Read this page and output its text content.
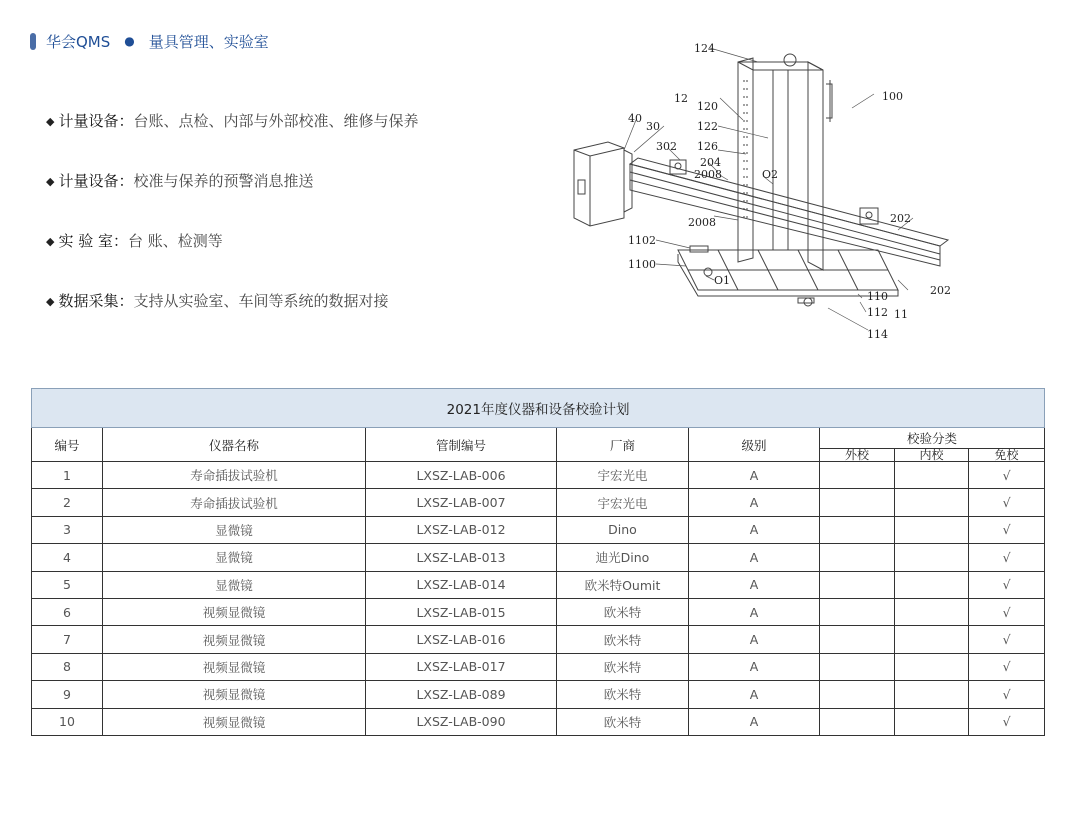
华会QMS ● 量具管理、实验室
◆ 计量设备：台账、点检、内部与外部校准、维修与保养
◆ 计量设备：校准与保养的预警消息推送
◆ 实 验 室：台 账、检测等
◆ 数据采集：支持从实验室、车间等系统的数据对接
124
12
120
122
126
100
40
30
302
204
2008	O2
2008	202
1102
1100
O1
110
112 11
114
202
2021年度仪器和设备校验计划							
编号	仪器名称	管制编号	厂商	级别	校验分类		
					外校	内校	免校
1	寿命插拔试验机	LXSZ-LAB-006	宇宏光电	A			√
2	寿命插拔试验机	LXSZ-LAB-007	宇宏光电	A			√
3	显微镜	LXSZ-LAB-012	Dino	A			√
4	显微镜	LXSZ-LAB-013	迪光Dino	A			√
5	显微镜	LXSZ-LAB-014	欧米特Oumit	A			√
6	视频显微镜	LXSZ-LAB-015	欧米特	A			√
7	视频显微镜	LXSZ-LAB-016	欧米特	A			√
8	视频显微镜	LXSZ-LAB-017	欧米特	A			√
9	视频显微镜	LXSZ-LAB-089	欧米特	A			√
10	视频显微镜	LXSZ-LAB-090	欧米特	A			√
